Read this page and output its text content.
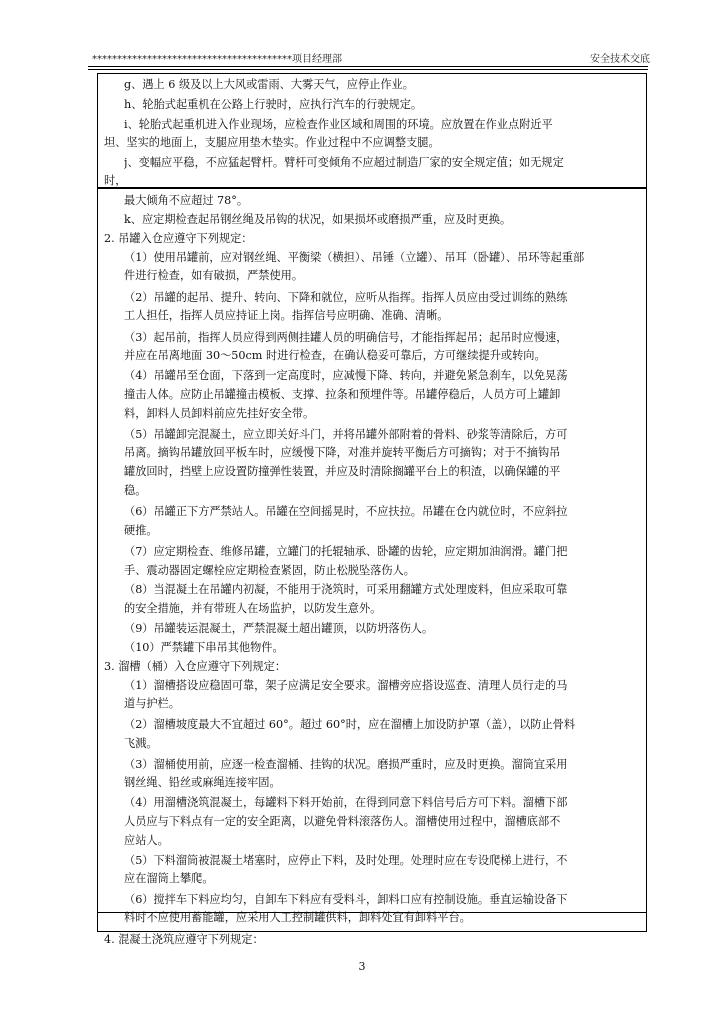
****************************************项目经理部	安全技术交底
g、遇上 6 级及以上大风或雷雨、大雾天气，应停止作业。
h、轮胎式起重机在公路上行驶时，应执行汽车的行驶规定。
i、轮胎式起重机进入作业现场，应检查作业区域和周围的环境。应放置在作业点附近平
坦、坚实的地面上，支腿应用垫木垫实。作业过程中不应调整支腿。
j、变幅应平稳，不应猛起臂杆。臂杆可变倾角不应超过制造厂家的安全规定值；如无规定
时，
最大倾角不应超过 78°。
k、应定期检查起吊钢丝绳及吊钩的状况，如果损坏或磨损严重，应及时更换。
2. 吊罐入仓应遵守下列规定：
（1）使用吊罐前，应对钢丝绳、平衡梁（横担）、吊锤（立罐）、吊耳（卧罐）、吊环等起重部
件进行检查，如有破损，严禁使用。
（2）吊罐的起吊、提升、转向、下降和就位，应听从指挥。指挥人员应由受过训练的熟练
工人担任，指挥人员应持证上岗。指挥信号应明确、准确、清晰。
（3）起吊前，指挥人员应得到两侧挂罐人员的明确信号，才能指挥起吊；起吊时应慢速，
并应在吊离地面 30～50cm 时进行检查，在确认稳妥可靠后，方可继续提升或转向。
（4）吊罐吊至仓面，下落到一定高度时，应减慢下降、转向，并避免紧急刹车，以免晃荡
撞击人体。应防止吊罐撞击模板、支撑、拉条和预埋件等。吊罐停稳后，人员方可上罐卸
料，卸料人员卸料前应先挂好安全带。
（5）吊罐卸完混凝土，应立即关好斗门，并将吊罐外部附着的骨料、砂浆等清除后，方可
吊离。摘钩吊罐放回平板车时，应缓慢下降，对准并旋转平衡后方可摘钩；对于不摘钩吊
罐放回时，挡壁上应设置防撞弹性装置，并应及时清除搁罐平台上的积渣，以确保罐的平
稳。
（6）吊罐正下方严禁站人。吊罐在空间摇晃时，不应扶拉。吊罐在仓内就位时，不应斜拉
硬推。
（7）应定期检查、维修吊罐，立罐门的托辊轴承、卧罐的齿轮，应定期加油润滑。罐门把
手、震动器固定螺栓应定期检查紧固，防止松脱坠落伤人。
（8）当混凝土在吊罐内初凝，不能用于浇筑时，可采用翻罐方式处理废料，但应采取可靠
的安全措施，并有带班人在场监护，以防发生意外。
（9）吊罐装运混凝土，严禁混凝土超出罐顶，以防坍落伤人。
（10）严禁罐下串吊其他物件。
3. 溜槽（桶）入仓应遵守下列规定：
（1）溜槽搭设应稳固可靠，架子应满足安全要求。溜槽旁应搭设巡查、清理人员行走的马
道与护栏。
（2）溜槽坡度最大不宜超过 60°。超过 60°时，应在溜槽上加设防护罩（盖），以防止骨料
飞溅。
（3）溜桶使用前，应逐一检查溜桶、挂钩的状况。磨损严重时，应及时更换。溜筒宜采用
钢丝绳、铅丝或麻绳连接牢固。
（4）用溜槽浇筑混凝土，每罐料下料开始前，在得到同意下料信号后方可下料。溜槽下部
人员应与下料点有一定的安全距离，以避免骨料滚落伤人。溜槽使用过程中，溜槽底部不
应站人。
（5）下料溜筒被混凝土堵塞时，应停止下料，及时处理。处理时应在专设爬梯上进行，不
应在溜筒上攀爬。
（6）搅拌车下料应均匀，自卸车下料应有受料斗，卸料口应有控制设施。垂直运输设备下
料时不应使用蓄能罐，应采用人工控制罐供料，卸料处宜有卸料平台。
4. 混凝土浇筑应遵守下列规定：
3
